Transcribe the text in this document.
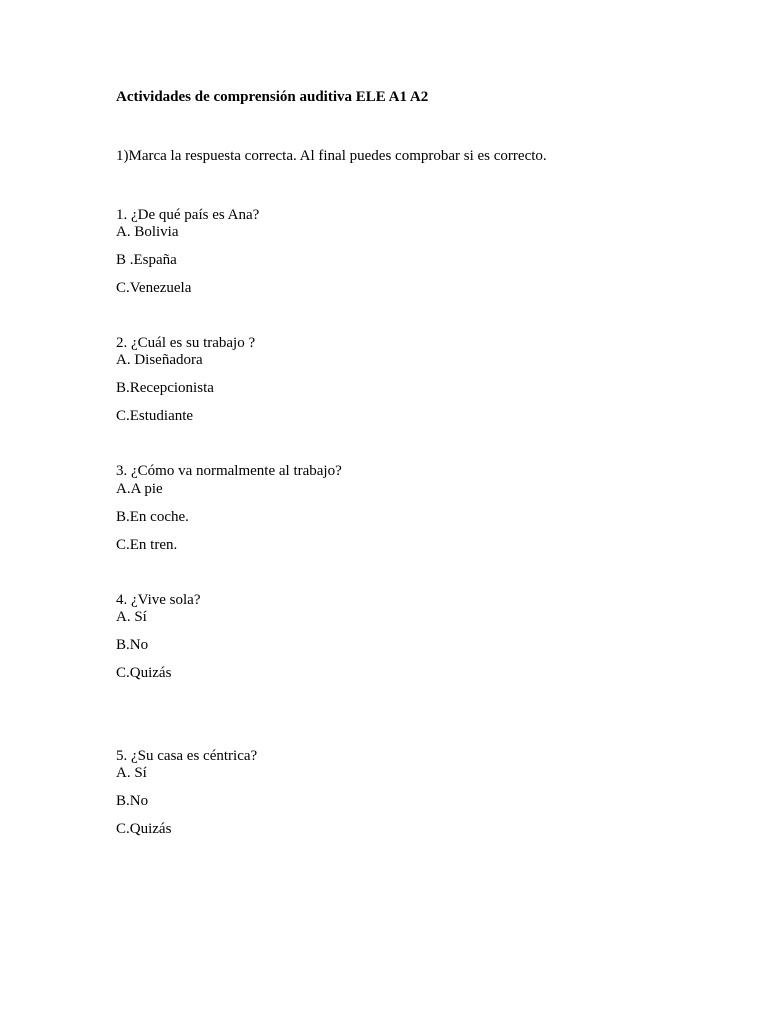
Actividades de comprensión auditiva ELE A1 A2
1)Marca la respuesta correcta. Al final puedes comprobar si es correcto.
1. ¿De qué país es Ana?
A. Bolivia
B .España
C.Venezuela
2. ¿Cuál es su trabajo ?
A. Diseñadora
B.Recepcionista
C.Estudiante
3. ¿Cómo va normalmente al trabajo?
A.A pie
B.En coche.
C.En tren.
4. ¿Vive sola?
A. Sí
B.No
C.Quizás
5. ¿Su casa es céntrica?
A. Sí
B.No
C.Quizás
